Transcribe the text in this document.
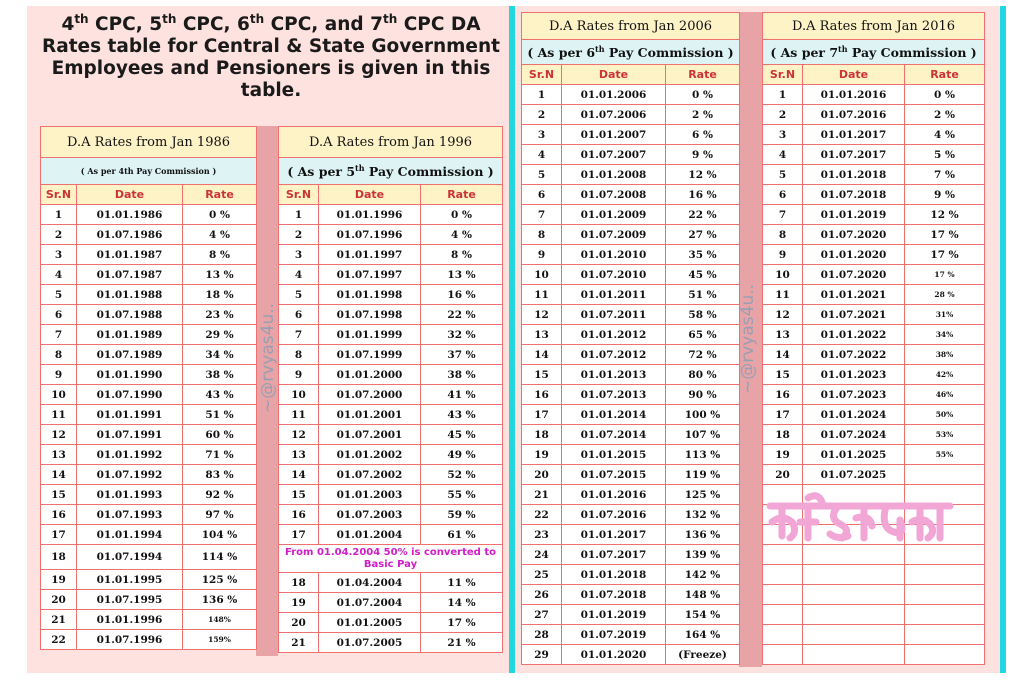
4th CPC, 5th CPC, 6th CPC, and 7th CPC DA
Rates table for Central & State Government
Employees and Pensioners is given in this
table.
D.A Rates from Jan 1986		
( As per 4th Pay Commission )		
Sr.N	Date	Rate
1	01.01.1986	0 %
2	01.07.1986	4 %
3	01.01.1987	8 %
4	01.07.1987	13 %
5	01.01.1988	18 %
6	01.07.1988	23 %
7	01.01.1989	29 %
8	01.07.1989	34 %
9	01.01.1990	38 %
10	01.07.1990	43 %
11	01.01.1991	51 %
12	01.07.1991	60 %
13	01.01.1992	71 %
14	01.07.1992	83 %
15	01.01.1993	92 %
16	01.07.1993	97 %
17	01.01.1994	104 %
18	01.07.1994	114 %
19	01.01.1995	125 %
20	01.07.1995	136 %
21	01.01.1996	148%
22	01.07.1996	159%
D.A Rates from Jan 1996		
( As per 5th Pay Commission )		
Sr.N	Date	Rate
1	01.01.1996	0 %
2	01.07.1996	4 %
3	01.01.1997	8 %
4	01.07.1997	13 %
5	01.01.1998	16 %
6	01.07.1998	22 %
7	01.01.1999	32 %
8	01.07.1999	37 %
9	01.01.2000	38 %
10	01.07.2000	41 %
11	01.01.2001	43 %
12	01.07.2001	45 %
13	01.01.2002	49 %
14	01.07.2002	52 %
15	01.01.2003	55 %
16	01.07.2003	59 %
17	01.01.2004	61 %
From 01.04.2004 50% is converted to Basic Pay		
18	01.04.2004	11 %
19	01.07.2004	14 %
20	01.01.2005	17 %
21	01.07.2005	21 %
D.A Rates from Jan 2006		
( As per 6th Pay Commission )		
Sr.N	Date	Rate
1	01.01.2006	0 %
2	01.07.2006	2 %
3	01.01.2007	6 %
4	01.07.2007	9 %
5	01.01.2008	12 %
6	01.07.2008	16 %
7	01.01.2009	22 %
8	01.07.2009	27 %
9	01.01.2010	35 %
10	01.07.2010	45 %
11	01.01.2011	51 %
12	01.07.2011	58 %
13	01.01.2012	65 %
14	01.07.2012	72 %
15	01.01.2013	80 %
16	01.07.2013	90 %
17	01.01.2014	100 %
18	01.07.2014	107 %
19	01.01.2015	113 %
20	01.07.2015	119 %
21	01.01.2016	125 %
22	01.07.2016	132 %
23	01.01.2017	136 %
24	01.07.2017	139 %
25	01.01.2018	142 %
26	01.07.2018	148 %
27	01.01.2019	154 %
28	01.07.2019	164 %
29	01.01.2020	(Freeze)
D.A Rates from Jan 2016		
( As per 7th Pay Commission )		
Sr.N	Date	Rate
1	01.01.2016	0 %
2	01.07.2016	2 %
3	01.01.2017	4 %
4	01.07.2017	5 %
5	01.01.2018	7 %
6	01.07.2018	9 %
7	01.01.2019	12 %
8	01.07.2020	17 %
9	01.01.2020	17 %
10	01.07.2020	17 %
11	01.01.2021	28 %
12	01.07.2021	31%
13	01.01.2022	34%
14	01.07.2022	38%
15	01.01.2023	42%
16	01.07.2023	46%
17	01.01.2024	50%
18	01.07.2024	53%
19	01.01.2025	55%
20	01.07.2025	

~@rvyas4u..	~@rvyas4u..
